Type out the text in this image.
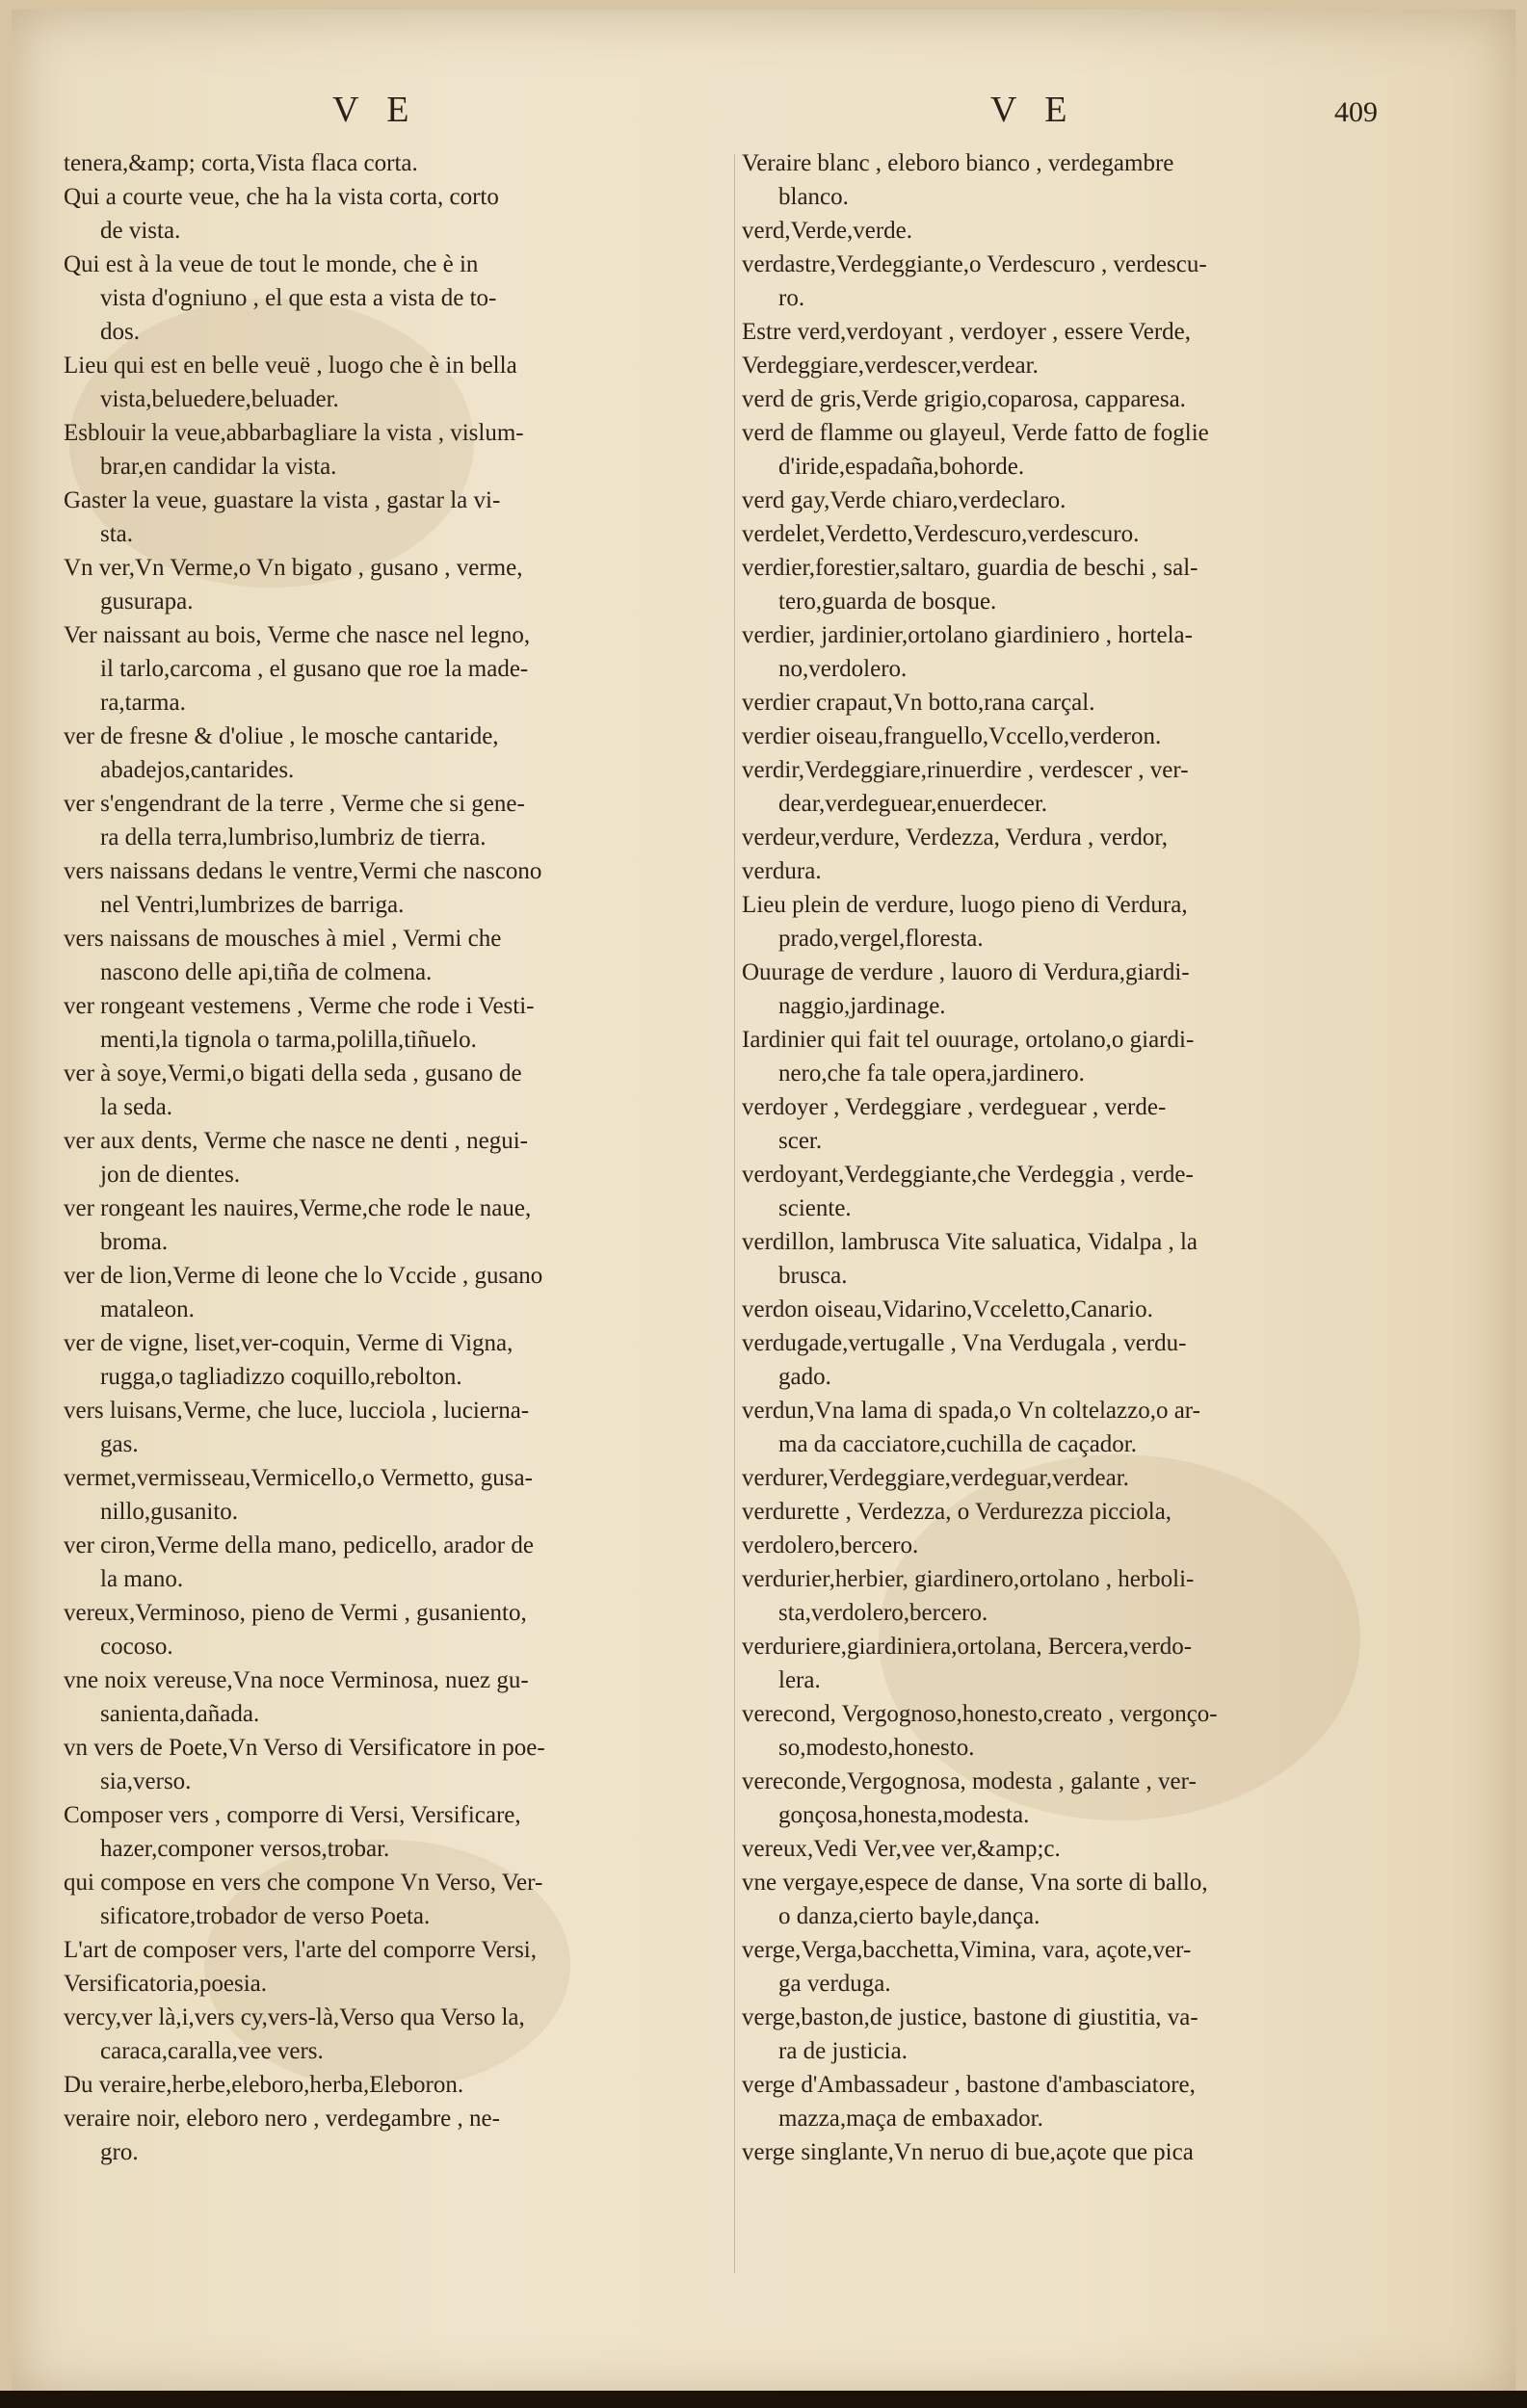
V E	V E	409

tenera,&amp; corta,Vista flaca corta.

Qui a courte veue, che ha la vista corta, corto

de vista.

Qui est à la veue de tout le monde, che è in

vista d'ogniuno , el que esta a vista de to-

dos.

Lieu qui est en belle veuë , luogo che è in bella

vista,beluedere,beluader.

Esblouir la veue,abbarbagliare la vista , vislum-

brar,en candidar la vista.

Gaster la veue, guastare la vista , gastar la vi-

sta.

Vn ver,Vn Verme,o Vn bigato , gusano , verme,

gusurapa.

Ver naissant au bois, Verme che nasce nel legno,

il tarlo,carcoma , el gusano que roe la made-

ra,tarma.

ver de fresne & d'oliue , le mosche cantaride,

abadejos,cantarides.

ver s'engendrant de la terre , Verme che si gene-

ra della terra,lumbriso,lumbriz de tierra.

vers naissans dedans le ventre,Vermi che nascono

nel Ventri,lumbrizes de barriga.

vers naissans de mousches à miel , Vermi che

nascono delle api,tiña de colmena.

ver rongeant vestemens , Verme che rode i Vesti-

menti,la tignola o tarma,polilla,tiñuelo.

ver à soye,Vermi,o bigati della seda , gusano de

la seda.

ver aux dents, Verme che nasce ne denti , negui-

jon de dientes.

ver rongeant les nauires,Verme,che rode le naue,

broma.

ver de lion,Verme di leone che lo Vccide , gusano

mataleon.

ver de vigne, liset,ver-coquin, Verme di Vigna,

rugga,o tagliadizzo coquillo,rebolton.

vers luisans,Verme, che luce, lucciola , luciernа-

gas.

vermet,vermisseau,Vermicello,o Vermetto, gusa-

nillo,gusanito.

ver ciron,Verme della mano, pedicello, arador de

la mano.

vereux,Verminoso, pieno de Vermi , gusaniento,

cocoso.

vne noix vereuse,Vna noce Verminosa, nuez gu-

sanienta,dañada.

vn vers de Poete,Vn Verso di Versificatore in poe-

sia,verso.

Composer vers , comporre di Versi, Versificare,

hazer,componer versos,trobar.

qui compose en vers che compone Vn Verso, Ver-

sificatore,trobador de verso Poeta.

L'art de composer vers, l'arte del comporre Versi,

Versificatoria,poesia.

vercy,ver là,i,vers cy,vers-là,Verso qua Verso la,

caraca,caralla,vee vers.

Du veraire,herbe,eleboro,herba,Eleboron.

veraire noir, eleboro nero , verdegambre , ne-

gro.

Veraire blanc , eleboro bianco , verdegambre

blanco.

verd,Verde,verde.

verdastre,Verdeggiante,o Verdescuro , verdescu-

ro.

Estre verd,verdoyant , verdoyer , essere Verde,

Verdeggiare,verdescer,verdear.

verd de gris,Verde grigio,coparosa, capparesa.

verd de flamme ou glayeul, Verde fatto de foglie

d'iride,espadaña,bohorde.

verd gay,Verde chiaro,verdeclaro.

verdelet,Verdetto,Verdescuro,verdescuro.

verdier,forestier,saltaro, guardia de beschi , sal-

tero,guarda de bosque.

verdier, jardinier,ortolano giardiniero , hortela-

no,verdolero.

verdier crapaut,Vn botto,rana carçal.

verdier oiseau,franguello,Vccello,verderon.

verdir,Verdeggiare,rinuerdire , verdescer , ver-

dear,verdeguear,enuerdecer.

verdeur,verdure, Verdezza, Verdura , verdor,

verdura.

Lieu plein de verdure, luogo pieno di Verdura,

prado,vergel,floresta.

Ouurage de verdure , lauoro di Verdura,giardi-

naggio,jardinage.

Iardinier qui fait tel ouurage, ortolano,o giardi-

nero,che fa tale opera,jardinero.

verdoyer , Verdeggiare , verdeguear , verde-

scer.

verdoyant,Verdeggiante,che Verdeggia , verde-

sciente.

verdillon, lambrusca Vite saluatica, Vidalpa , la

brusca.

verdon oiseau,Vidarino,Vcceletto,Canario.

verdugade,vertugalle , Vna Verdugala , verdu-

gado.

verdun,Vna lama di spada,o Vn coltelazzo,o ar-

ma da cacciatore,cuchilla de caçador.

verdurer,Verdeggiare,verdeguar,verdear.

verdurette , Verdezza, o Verdurezza picciola,

verdolero,bercero.

verdurier,herbier, giardinero,ortolano , herboli-

sta,verdolero,bercero.

verduriere,giardiniera,ortolana, Bercera,verdo-

lera.

verecond, Vergognoso,honesto,creato , vergonço-

so,modesto,honesto.

vereconde,Vergognosa, modesta , galante , ver-

gonçosa,honesta,modesta.

vereux,Vedi Ver,vee ver,&amp;c.

vne vergaye,espece de danse, Vna sorte di ballo,

o danza,cierto bayle,dança.

verge,Verga,bacchetta,Vimina, vara, açote,ver-

ga verduga.

verge,baston,de justice, bastone di giustitia, va-

ra de justicia.

verge d'Ambassadeur , bastone d'ambasciatore,

mazza,maça de embaxador.

verge singlante,Vn neruo di bue,açote que pica
